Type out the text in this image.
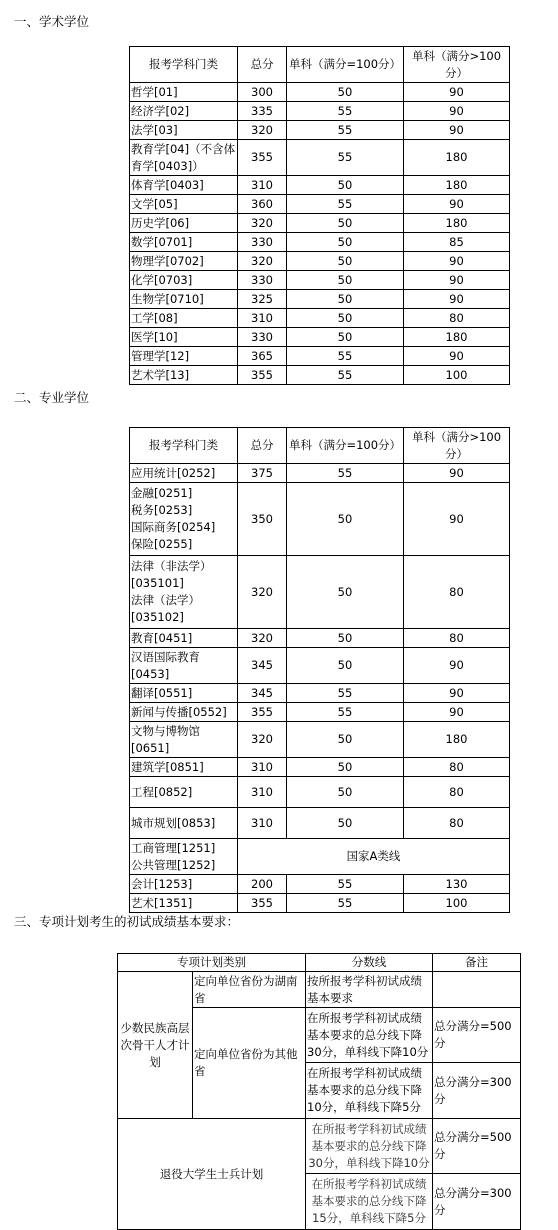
一、学术学位
报考学科门类	总分	单科（满分=100分）	单科（满分>100分）
哲学[01]	300	50	90
经济学[02]	335	55	90
法学[03]	320	55	90
教育学[04]（不含体育学[0403]）	355	55	180
体育学[0403]	310	50	180
文学[05]	360	55	90
历史学[06]	320	50	180
数学[0701]	330	50	85
物理学[0702]	320	50	90
化学[0703]	330	50	90
生物学[0710]	325	50	90
工学[08]	310	50	80
医学[10]	330	50	180
管理学[12]	365	55	90
艺术学[13]	355	55	100
二、专业学位
报考学科门类	总分	单科（满分=100分）	单科（满分>100分）
应用统计[0252]	375	55	90

金融[0251]
税务[0253]
国际商务[0254]
保险[0255]	350	50	90

法律（非法学）[035101]
法律（法学）[035102]	320	50	80
教育[0451]	320	50	80
汉语国际教育[0453]	345	50	90
翻译[0551]	345	55	90
新闻与传播[0552]	355	55	90
文物与博物馆[0651]	320	50	180
建筑学[0851]	310	50	80
工程[0852]	310	50	80
城市规划[0853]	310	50	80

工商管理[1251]
公共管理[1252]	国家A类线		
会计[1253]	200	55	130
艺术[1351]	355	55	100
三、专项计划考生的初试成绩基本要求：
专项计划类别		分数线	备注
少数民族高层次骨干人才计划	定向单位省份为湖南省	按所报考学科初试成绩基本要求	
	定向单位省份为其他省	在所报考学科初试成绩基本要求的总分线下降30分，单科线下降10分	总分满分=500分
		在所报考学科初试成绩基本要求的总分线下降10分，单科线下降5分	总分满分=300分
退役大学生士兵计划		在所报考学科初试成绩基本要求的总分线下降30分，单科线下降10分	总分满分=500分
		在所报考学科初试成绩基本要求的总分线下降15分，单科线下降5分	总分满分=300分
